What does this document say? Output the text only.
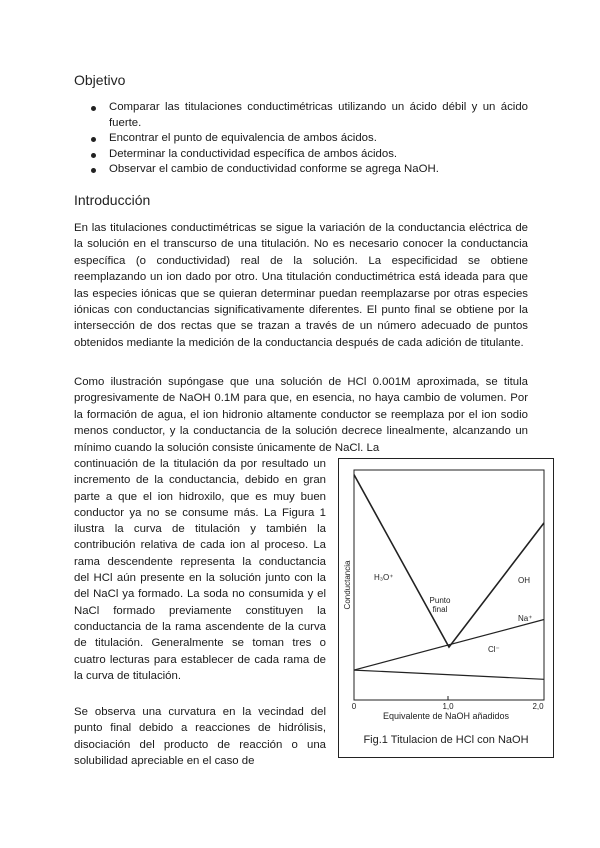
Objetivo
Comparar las titulaciones conductimétricas utilizando un ácido débil y un ácido fuerte.
Encontrar el punto de equivalencia de ambos ácidos.
Determinar la conductividad específica de ambos ácidos.
Observar el cambio de conductividad conforme se agrega NaOH.
Introducción

En las titulaciones conductimétricas se sigue la variación de la conductancia eléctrica de la solución en el transcurso de una titulación. No es necesario conocer la conductancia específica (o conductividad) real de la solución. La especificidad se obtiene reemplazando un ion dado por otro. Una titulación conductimétrica está ideada para que las especies iónicas que se quieran determinar puedan reemplazarse por otras especies iónicas con conductancias significativamente diferentes. El punto final se obtiene por la intersección de dos rectas que se trazan a través de un número adecuado de puntos obtenidos mediante la medición de la conductancia después de cada adición de titulante.

Como ilustración supóngase que una solución de HCl 0.001M aproximada, se titula progresivamente de NaOH 0.1M para que, en esencia, no haya cambio de volumen. Por la formación de agua, el ion hidronio altamente conductor se reemplaza por el ion sodio menos conductor, y la conductancia de la solución decrece linealmente, alcanzando un mínimo cuando la solución consiste únicamente de NaCl. La

continuación de la titulación da por resultado un incremento de la conductancia, debido en gran parte a que el ion hidroxilo, que es muy buen conductor ya no se consume más. La Figura 1 ilustra la curva de titulación y también la contribución relativa de cada ion al proceso. La rama descendente representa la conductancia del HCl aún presente en la solución junto con la del NaCl ya formado. La soda no consumida y el NaCl formado previamente constituyen la conductancia de la rama ascendente de la curva de titulación. Generalmente se toman tres o cuatro lecturas para establecer de cada rama de la curva de titulación.

Se observa una curvatura en la vecindad del punto final debido a reacciones de hidrólisis, disociación del producto de reacción o una solubilidad apreciable en el caso de

H₃O⁺	OH
Punto
final
Na⁺
Cl⁻
Conductancia
0	1,0	2,0
Equivalente de NaOH añadidos
Fig.1 Titulacion de HCl con NaOH
